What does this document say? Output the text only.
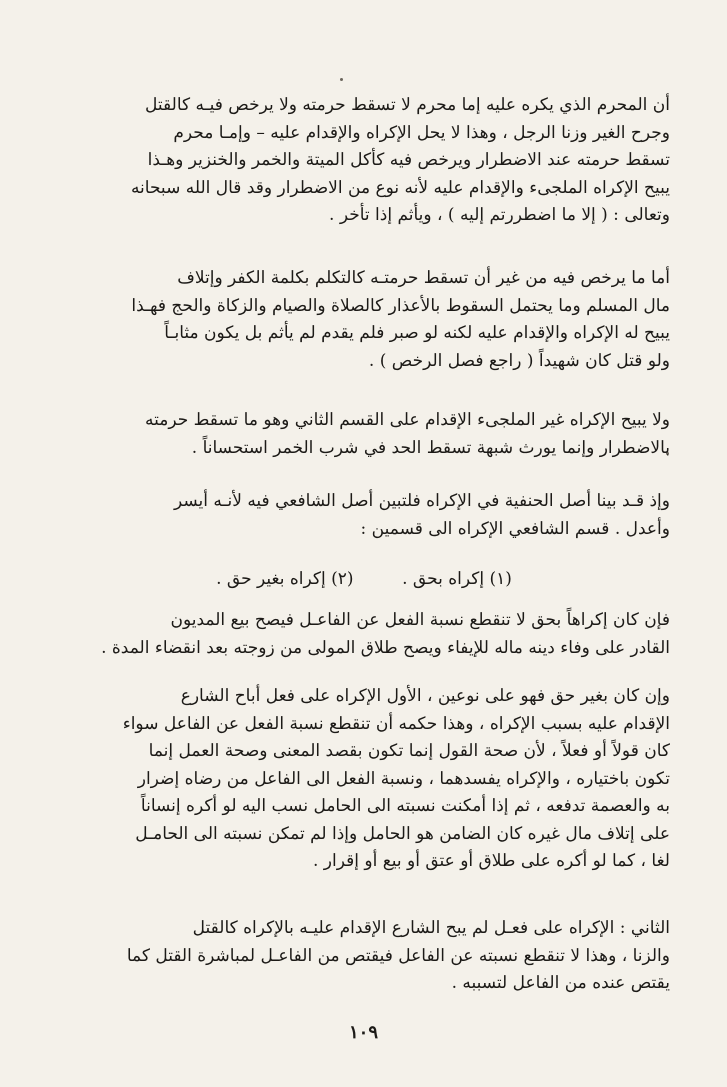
أن المحرم الذي يكره عليه إما محرم لا تسقط حرمته ولا يرخص فيـه كالقتل
وجرح الغير وزنا الرجل ، وهذا لا يحل الإكراه والإقدام عليه – وإمـا محرم
تسقط حرمته عند الاضطرار ويرخص فيه كأكل الميتة والخمر والخنزير وهـذا
يبيح الإكراه الملجىء والإقدام عليه لأنه نوع من الاضطرار وقد قال الله سبحانه
وتعالى : ( إلا ما اضطررتم إليه ) ، ويأثم إذا تأخر .
أما ما يرخص فيه من غير أن تسقط حرمتـه كالتكلم بكلمة الكفر وإتلاف
مال المسلم وما يحتمل السقوط بالأعذار كالصلاة والصيام والزكاة والحج فهـذا
يبيح له الإكراه والإقدام عليه لكنه لو صبر فلم يقدم لم يأثم بل يكون مثابـاً
ولو قتل كان شهيداً ( راجع فصل الرخص ) .
ولا يبيح الإكراه غير الملجىء الإقدام على القسم الثاني وهو ما تسقط حرمته
بالاضطرار وإنما يورث شبهة تسقط الحد في شرب الخمر استحساناً .
وإذ قـد بينا أصل الحنفية في الإكراه فلتبين أصل الشافعي فيه لأنـه أيسر
وأعدل . قسم الشافعي الإكراه الى قسمين :
(١) إكراه بحق .         (٢) إكراه بغير حق .
فإن كان إكراهاً بحق لا تنقطع نسبة الفعل عن الفاعـل فيصح بيع المديون
القادر على وفاء دينه ماله للإيفاء ويصح طلاق المولى من زوجته بعد انقضاء المدة .
وإن كان بغير حق فهو على نوعين ، الأول الإكراه على فعل أباح الشارع
الإقدام عليه بسبب الإكراه ، وهذا حكمه أن تنقطع نسبة الفعل عن الفاعل سواء
كان قولاً أو فعلاً ، لأن صحة القول إنما تكون بقصد المعنى وصحة العمل إنما
تكون باختياره ، والإكراه يفسدهما ، ونسبة الفعل الى الفاعل من رضاه إضرار
به والعصمة تدفعه ، ثم إذا أمكنت نسبته الى الحامل نسب اليه لو أكره إنساناً
على إتلاف مال غيره كان الضامن هو الحامل وإذا لم تمكن نسبته الى الحامـل
لغا ، كما لو أكره على طلاق أو عتق أو بيع أو إقرار .
الثاني : الإكراه على فعـل لم يبح الشارع الإقدام عليـه بالإكراه كالقتل
والزنا ، وهذا لا تنقطع نسبته عن الفاعل فيقتص من الفاعـل لمباشرة القتل كما
يقتص عنده من الفاعل لتسببه .
١٠٩
